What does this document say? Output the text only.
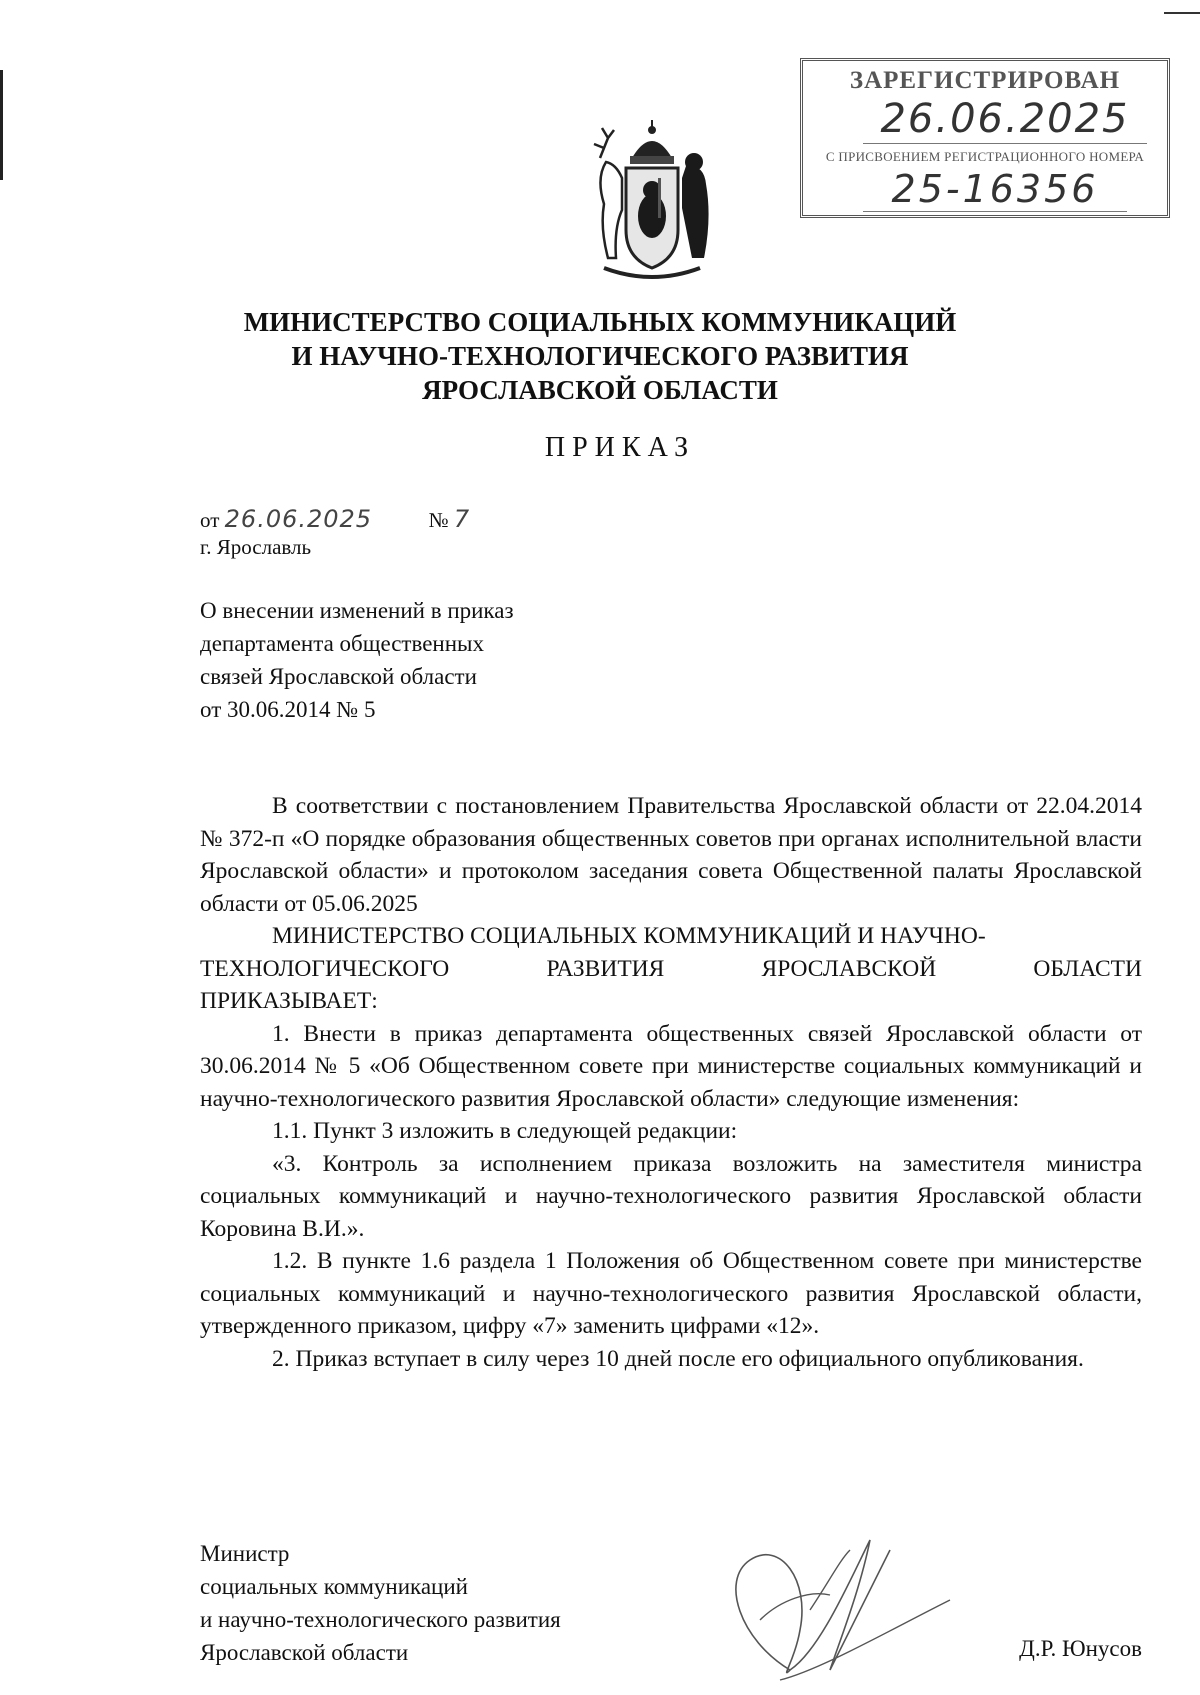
ЗАРЕГИСТРИРОВАН
26.06.2025
С ПРИСВОЕНИЕМ РЕГИСТРАЦИОННОГО НОМЕРА
25-16356
МИНИСТЕРСТВО СОЦИАЛЬНЫХ КОММУНИКАЦИЙ
И НАУЧНО-ТЕХНОЛОГИЧЕСКОГО РАЗВИТИЯ
ЯРОСЛАВСКОЙ ОБЛАСТИ
ПРИКАЗ
от 26.06.2025	№ 7
г. Ярославль
О внесении изменений в приказ
департамента общественных
связей Ярославской области
от 30.06.2014 № 5
В соответствии с постановлением Правительства Ярославской области от 22.04.2014 № 372-п «О порядке образования общественных советов при органах исполнительной власти Ярославской области» и протоколом заседания совета Общественной палаты Ярославской области от 05.06.2025
МИНИСТЕРСТВО СОЦИАЛЬНЫХ КОММУНИКАЦИЙ И НАУЧНО-
ТЕХНОЛОГИЧЕСКОГО РАЗВИТИЯ ЯРОСЛАВСКОЙ ОБЛАСТИ
ПРИКАЗЫВАЕТ:
1. Внести в приказ департамента общественных связей Ярославской области от 30.06.2014 № 5 «Об Общественном совете при министерстве социальных коммуникаций и научно-технологического развития Ярославской области» следующие изменения:
1.1. Пункт 3 изложить в следующей редакции:
«3. Контроль за исполнением приказа возложить на заместителя министра социальных коммуникаций и научно-технологического развития Ярославской области Коровина В.И.».
1.2. В пункте 1.6 раздела 1 Положения об Общественном совете при министерстве социальных коммуникаций и научно-технологического развития Ярославской области, утвержденного приказом, цифру «7» заменить цифрами «12».
2. Приказ вступает в силу через 10 дней после его официального опубликования.
Министр
социальных коммуникаций
и научно-технологического развития
Ярославской области	Д.Р. Юнусов
